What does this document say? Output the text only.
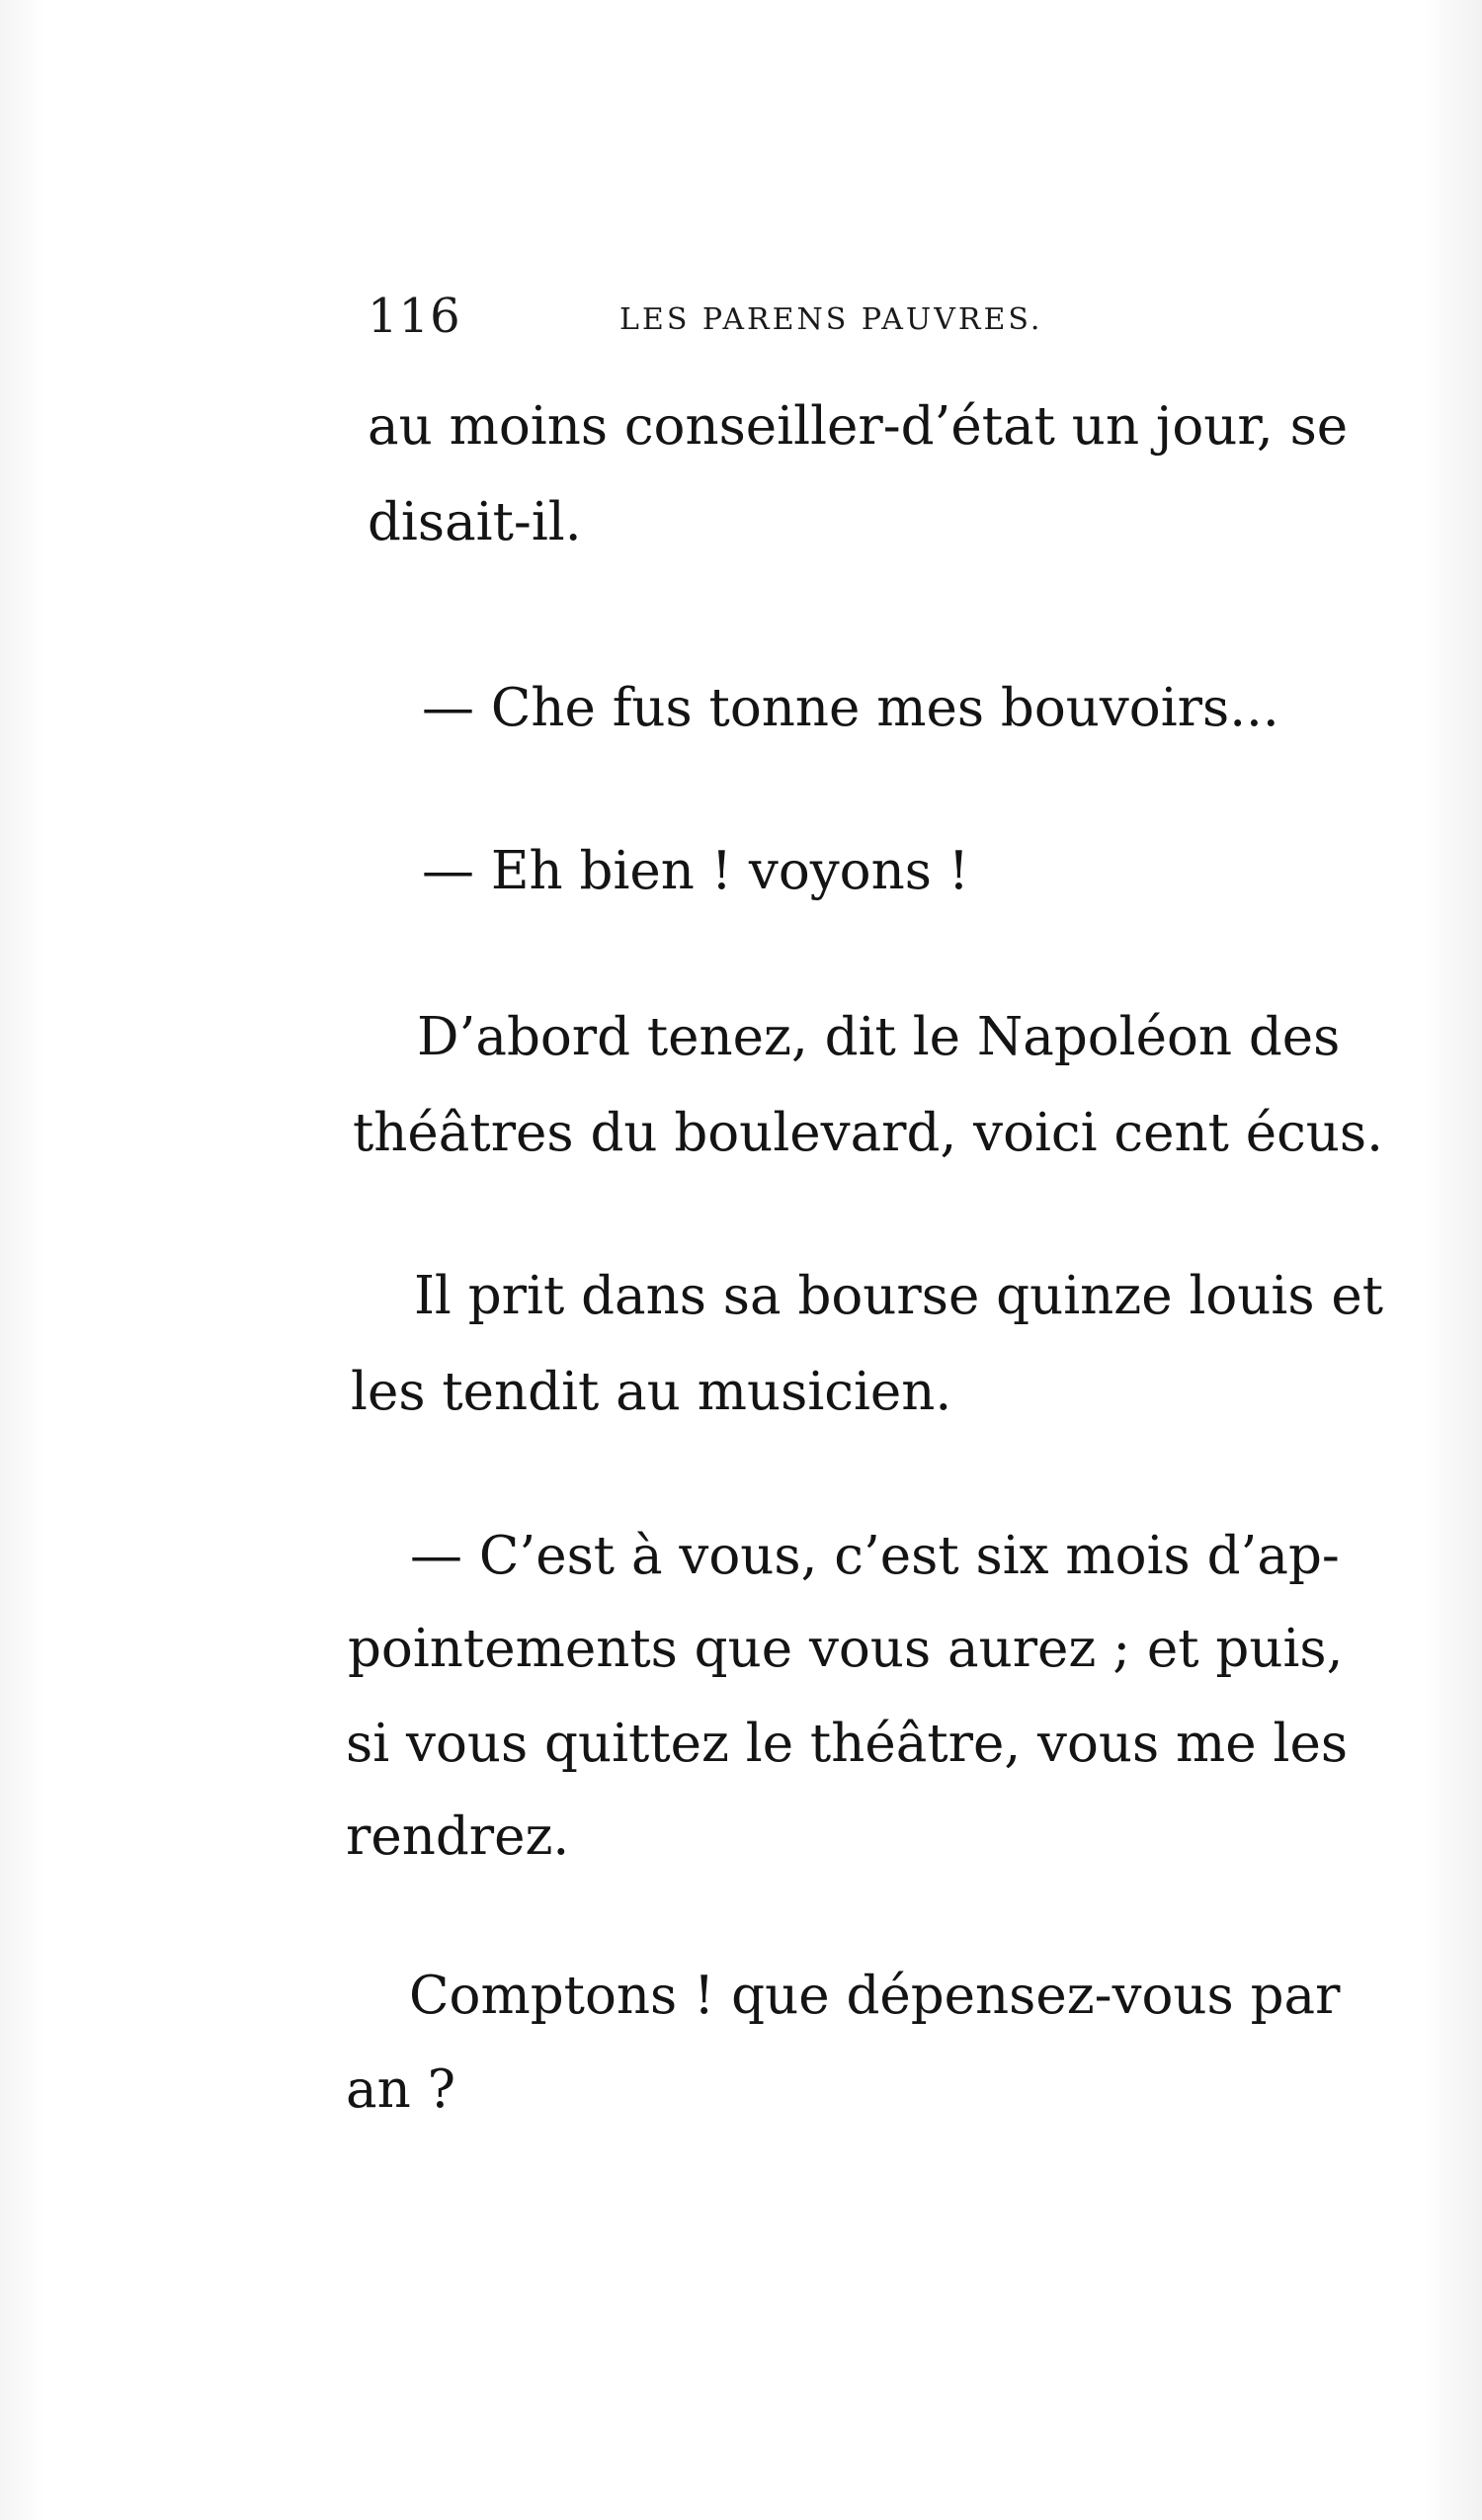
116	LES PARENS PAUVRES.
au moins conseiller-d’état un jour, se
disait-il.
— Che fus tonne mes bouvoirs...
— Eh bien ! voyons !
D’abord tenez, dit le Napoléon des
théâtres du boulevard, voici cent écus.
Il prit dans sa bourse quinze louis et
les tendit au musicien.
— C’est à vous, c’est six mois d’ap-
pointements que vous aurez ; et puis,
si vous quittez le théâtre, vous me les
rendrez.
Comptons ! que dépensez-vous par
an ?
